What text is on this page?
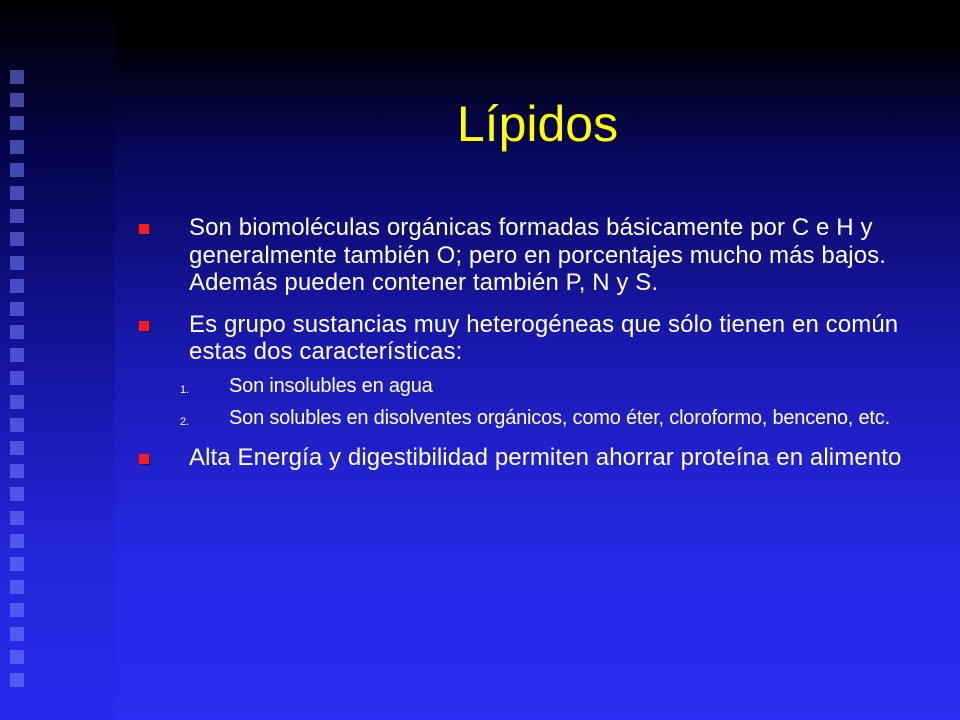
Lípidos
Son biomoléculas orgánicas formadas básicamente por C e H y generalmente también O; pero en porcentajes mucho más bajos. Además pueden contener también P, N y S.
Es grupo sustancias muy heterogéneas que sólo tienen en común estas dos características:
1. Son insolubles en agua
2. Son solubles en disolventes orgánicos, como éter, cloroformo, benceno, etc.
Alta Energía y digestibilidad permiten ahorrar proteína en alimento
